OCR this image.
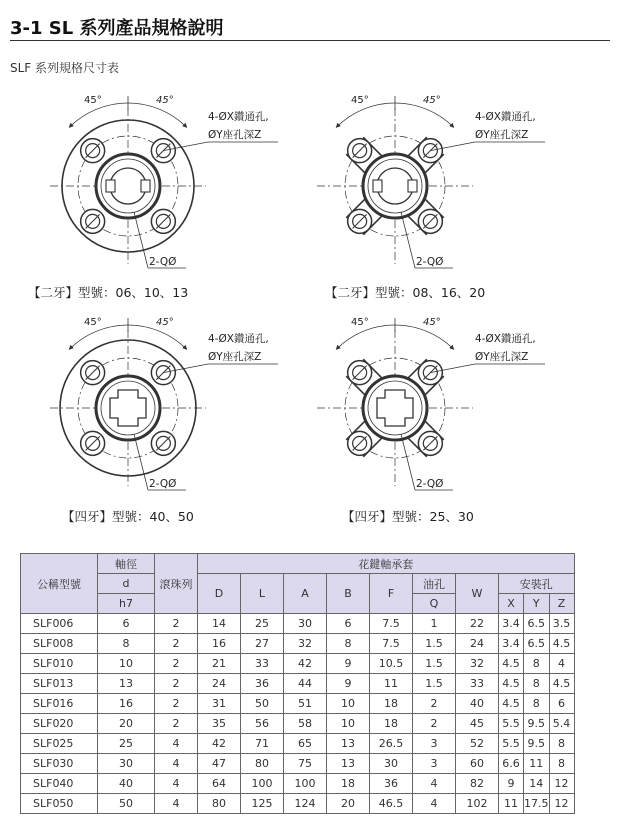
3-1 SL 系列產品規格說明
SLF 系列規格尺寸表
45°	45°
4-ØX鑽通孔,
ØY座孔深Z
2-QØ
45°	45°
4-ØX鑽通孔,
ØY座孔深Z
2-QØ
45°	45°
4-ØX鑽通孔,
ØY座孔深Z
2-QØ
45°	45°
4-ØX鑽通孔,
ØY座孔深Z
2-QØ
【二牙】型號：06、10、13	【二牙】型號：08、16、20
【四牙】型號：40、50	【四牙】型號：25、30
公稱型號	軸徑	滾珠列	花鍵軸承套									
	d		D	L	A	B	F	油孔	W	安裝孔		
	h7							Q		X	Y	Z
SLF006	6	2	14	25	30	6	7.5	1	22	3.4	6.5	3.5
SLF008	8	2	16	27	32	8	7.5	1.5	24	3.4	6.5	4.5
SLF010	10	2	21	33	42	9	10.5	1.5	32	4.5	8	4
SLF013	13	2	24	36	44	9	11	1.5	33	4.5	8	4.5
SLF016	16	2	31	50	51	10	18	2	40	4.5	8	6
SLF020	20	2	35	56	58	10	18	2	45	5.5	9.5	5.4
SLF025	25	4	42	71	65	13	26.5	3	52	5.5	9.5	8
SLF030	30	4	47	80	75	13	30	3	60	6.6	11	8
SLF040	40	4	64	100	100	18	36	4	82	9	14	12
SLF050	50	4	80	125	124	20	46.5	4	102	11	17.5	12
